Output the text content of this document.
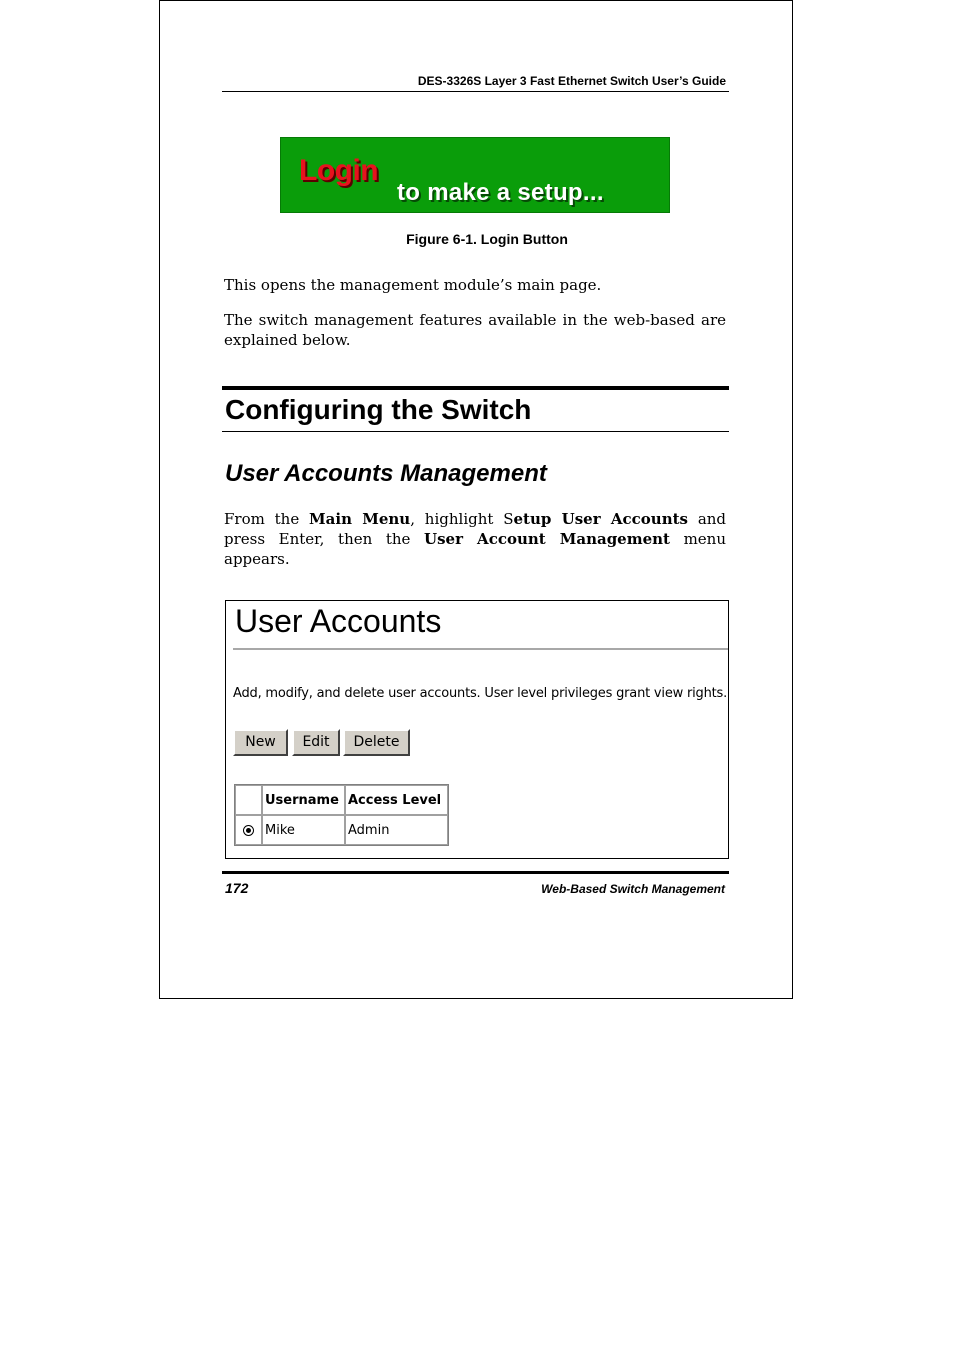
DES-3326S Layer 3 Fast Ethernet Switch User’s Guide
Login
to make a setup...
Figure 6-1. Login Button
This opens the management module’s main page.
The switch management features available in the web-based are explained below.
Configuring the Switch
User Accounts Management
From the Main Menu, highlight Setup User Accounts and press Enter, then the User Account Management menu appears.
User Accounts
Add, modify, and delete user accounts. User level privileges grant view rights.
New	Edit	Delete
	Username	Access Level

	Mike	Admin
172	Web-Based Switch Management
